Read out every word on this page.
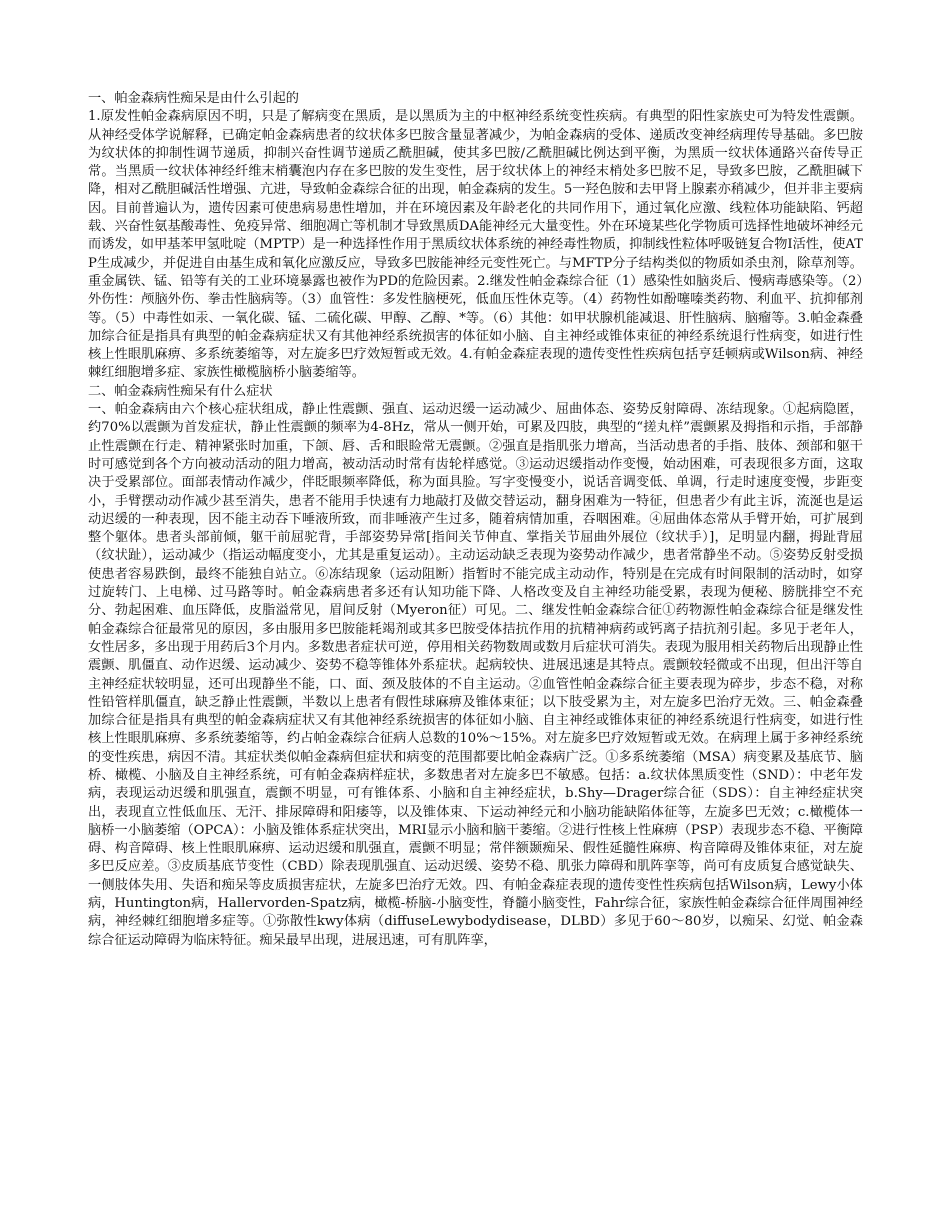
一、帕金森病性痴呆是由什么引起的

1.原发性帕金森病原因不明，只是了解病变在黑质，是以黑质为主的中枢神经系统变性疾病。有典型的阳性家族史可为特发性震颤。从神经受体学说解释，已确定帕金森病患者的纹状体多巴胺含量显著减少，为帕金森病的受体、递质改变神经病理传导基础。多巴胺为纹状体的抑制性调节递质，抑制兴奋性调节递质乙酰胆碱，使其多巴胺/乙酰胆碱比例达到平衡，为黑质一纹状体通路兴奋传导正常。当黑质一纹状体神经纤维末梢囊泡内存在多巴胺的发生变性，居于纹状体上的神经末梢处多巴胺不足，导致多巴胺，乙酰胆碱下降，相对乙酰胆碱活性增强、亢进，导致帕金森综合征的出现，帕金森病的发生。5一羟色胺和去甲肾上腺素亦稍减少，但并非主要病因。目前普遍认为，遗传因素可使患病易患性增加，并在环境因素及年龄老化的共同作用下，通过氧化应激、线粒体功能缺陷、钙超载、兴奋性氨基酸毒性、免疫异常、细胞凋亡等机制才导致黑质DA能神经元大量变性。外在环境某些化学物质可选择性地破坏神经元而诱发，如甲基苯甲氢吡啶（MPTP）是一种选择性作用于黑质纹状体系统的神经毒性物质，抑制线性粒体呼吸链复合物Ⅰ活性，使ATP生成减少，并促进自由基生成和氧化应激反应，导致多巴胺能神经元变性死亡。与MFTP分子结构类似的物质如杀虫剂，除草剂等。重金属铁、锰、铅等有关的工业环境暴露也被作为PD的危险因素。2.继发性帕金森综合征（1）感染性如脑炎后、慢病毒感染等。（2）外伤性：颅脑外伤、拳击性脑病等。（3）血管性：多发性脑梗死，低血压性休克等。（4）药物性如酚噻嗪类药物、利血平、抗抑郁剂等。（5）中毒性如汞、一氧化碳、锰、二硫化碳、甲醇、乙醇、*等。（6）其他：如甲状腺机能减退、肝性脑病、脑瘤等。3.帕金森叠加综合征是指具有典型的帕金森病症状又有其他神经系统损害的体征如小脑、自主神经或锥体束征的神经系统退行性病变，如进行性核上性眼肌麻痹、多系统萎缩等，对左旋多巴疗效短暂或无效。4.有帕金森症表现的遗传变性性疾病包括亨廷顿病或Wilson病、神经棘红细胞增多症、家族性橄榄脑桥小脑萎缩等。

二、帕金森病性痴呆有什么症状

一、帕金森病由六个核心症状组成，静止性震颤、强直、运动迟缓一运动减少、屈曲体态、姿势反射障碍、冻结现象。①起病隐匿，约70%以震颤为首发症状，静止性震颤的频率为4-8Hz，常从一侧开始，可累及四肢，典型的“搓丸样”震颤累及拇指和示指，手部静止性震颤在行走、精神紧张时加重，下颌、唇、舌和眼睑常无震颤。②强直是指肌张力增高，当活动患者的手指、肢体、颈部和躯干时可感觉到各个方向被动活动的阻力增高，被动活动时常有齿轮样感觉。③运动迟缓指动作变慢，始动困难，可表现很多方面，这取决于受累部位。面部表情动作减少，伴眨眼频率降低，称为面具脸。写字变慢变小，说话音调变低、单调，行走时速度变慢，步距变小，手臂摆动动作减少甚至消失，患者不能用手快速有力地敲打及做交替运动，翻身困难为一特征，但患者少有此主诉，流涎也是运动迟缓的一种表现，因不能主动吞下唾液所致，而非唾液产生过多，随着病情加重，吞咽困难。④屈曲体态常从手臂开始，可扩展到整个躯体。患者头部前倾，躯干前屈驼背，手部姿势异常[指间关节伸直、掌指关节屈曲外展位（纹状手）]，足明显内翻，拇趾背屈（纹状趾），运动减少（指运动幅度变小，尤其是重复运动）。主动运动缺乏表现为姿势动作减少，患者常静坐不动。⑤姿势反射受损使患者容易跌倒，最终不能独自站立。⑥冻结现象（运动阻断）指暂时不能完成主动动作，特别是在完成有时间限制的活动时，如穿过旋转门、上电梯、过马路等时。帕金森病患者多还有认知功能下降、人格改变及自主神经功能受累，表现为便秘、膀胱排空不充分、勃起困难、血压降低，皮脂溢常见，眉间反射（Myeron征）可见。二、继发性帕金森综合征①药物源性帕金森综合征是继发性帕金森综合征最常见的原因，多由服用多巴胺能耗竭剂或其多巴胺受体拮抗作用的抗精神病药或钙离子拮抗剂引起。多见于老年人，女性居多，多出现于用药后3个月内。多数患者症状可逆，停用相关药物数周或数月后症状可消失。表现为服用相关药物后出现静止性震颤、肌僵直、动作迟缓、运动减少、姿势不稳等锥体外系症状。起病较快、进展迅速是其特点。震颤较轻微或不出现，但出汗等自主神经症状较明显，还可出现静坐不能，口、面、颈及肢体的不自主运动。②血管性帕金森综合征主要表现为碎步，步态不稳，对称性铅管样肌僵直，缺乏静止性震颤，半数以上患者有假性球麻痹及锥体束征；以下肢受累为主，对左旋多巴治疗无效。三、帕金森叠加综合征是指具有典型的帕金森病症状又有其他神经系统损害的体征如小脑、自主神经或锥体束征的神经系统退行性病变，如进行性核上性眼肌麻痹、多系统萎缩等，约占帕金森综合征病人总数的10%～15%。对左旋多巴疗效短暂或无效。在病理上属于多神经系统的变性疾患，病因不清。其症状类似帕金森病但症状和病变的范围都要比帕金森病广泛。①多系统萎缩（MSA）病变累及基底节、脑桥、橄榄、小脑及自主神经系统，可有帕金森病样症状，多数患者对左旋多巴不敏感。包括：a.纹状体黑质变性（SND）：中老年发病，表现运动迟缓和肌强直，震颤不明显，可有锥体系、小脑和自主神经症状，b.Shy—Drager综合征（SDS）：自主神经症状突出，表现直立性低血压、无汗、排尿障碍和阳痿等，以及锥体束、下运动神经元和小脑功能缺陷体征等，左旋多巴无效；c.橄榄体一脑桥一小脑萎缩（OPCA）：小脑及锥体系症状突出，MRI显示小脑和脑干萎缩。②进行性核上性麻痹（PSP）表现步态不稳、平衡障碍、构音障碍、核上性眼肌麻痹、运动迟缓和肌强直，震颤不明显；常伴额颞痴呆、假性延髓性麻痹、构音障碍及锥体束征，对左旋多巴反应差。③皮质基底节变性（CBD）除表现肌强直、运动迟缓、姿势不稳、肌张力障碍和肌阵挛等，尚可有皮质复合感觉缺失、一侧肢体失用、失语和痴呆等皮质损害症状，左旋多巴治疗无效。四、有帕金森症表现的遗传变性性疾病包括Wilson病，Lewy小体病，Huntington病，Hallervorden-Spatz病，橄榄-桥脑-小脑变性，脊髓小脑变性，Fahr综合征，家族性帕金森综合征伴周围神经病，神经棘红细胞增多症等。①弥散性kwy体病（diffuseLewybodydisease，DLBD）多见于60～80岁，以痴呆、幻觉、帕金森综合征运动障碍为临床特征。痴呆最早出现，进展迅速，可有肌阵挛，
